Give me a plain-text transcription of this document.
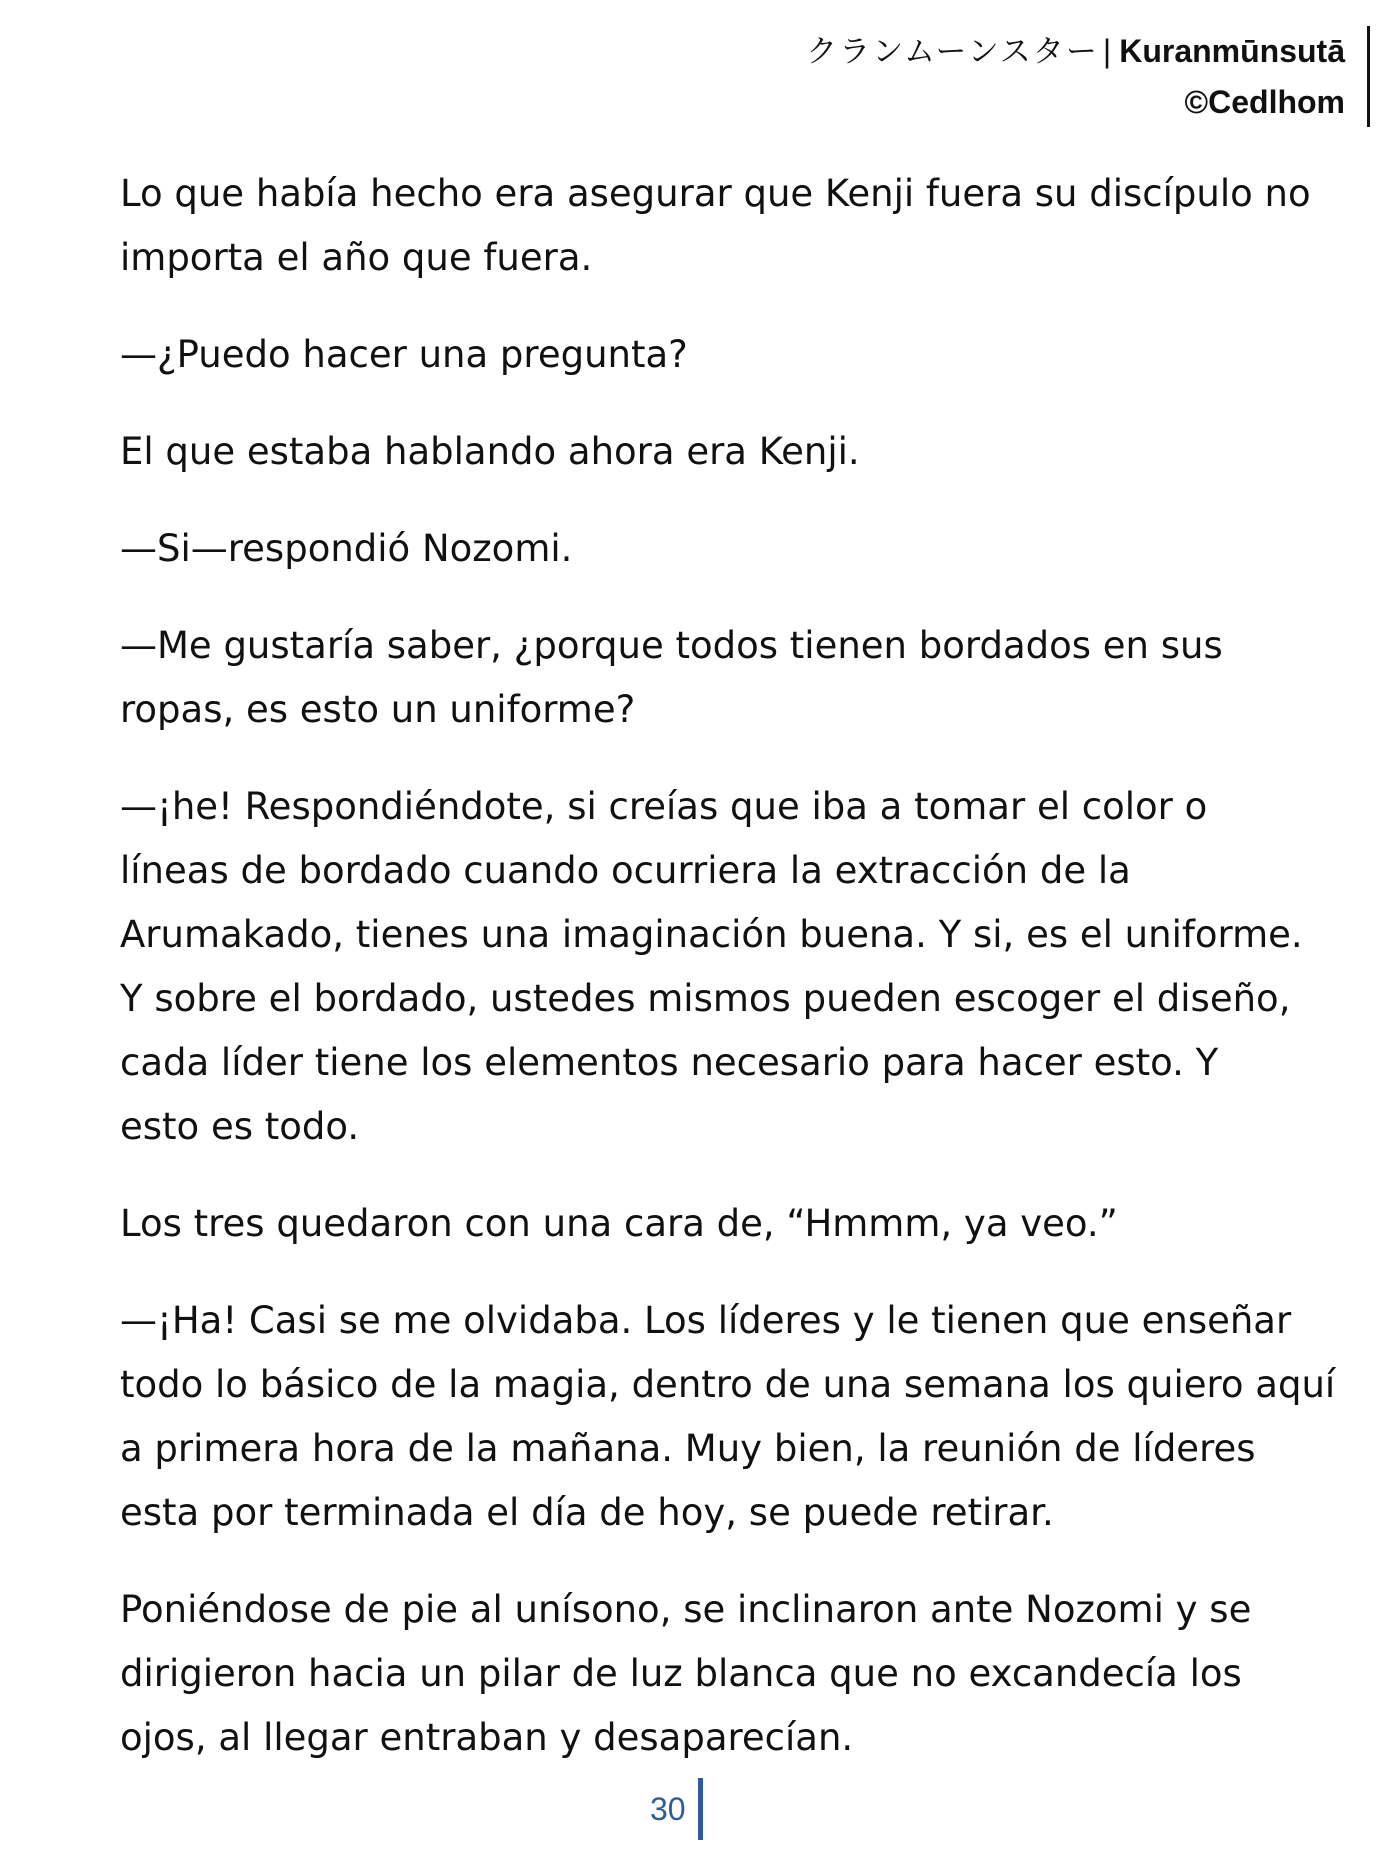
クランムーンスター | Kuranmūnsutā
©Cedlhom

Lo que había hecho era asegurar que Kenji fuera su discípulo no
importa el año que fuera.

—¿Puedo hacer una pregunta?

El que estaba hablando ahora era Kenji.

—Si—respondió Nozomi.

—Me gustaría saber, ¿porque todos tienen bordados en sus
ropas, es esto un uniforme?

—¡he! Respondiéndote, si creías que iba a tomar el color o
líneas de bordado cuando ocurriera la extracción de la
Arumakado, tienes una imaginación buena. Y si, es el uniforme.
Y sobre el bordado, ustedes mismos pueden escoger el diseño,
cada líder tiene los elementos necesario para hacer esto. Y
esto es todo.

Los tres quedaron con una cara de, “Hmmm, ya veo.”

—¡Ha! Casi se me olvidaba. Los líderes y le tienen que enseñar
todo lo básico de la magia, dentro de una semana los quiero aquí
a primera hora de la mañana. Muy bien, la reunión de líderes
esta por terminada el día de hoy, se puede retirar.

Poniéndose de pie al unísono, se inclinaron ante Nozomi y se
dirigieron hacia un pilar de luz blanca que no excandecía los
ojos, al llegar entraban y desaparecían.

30
